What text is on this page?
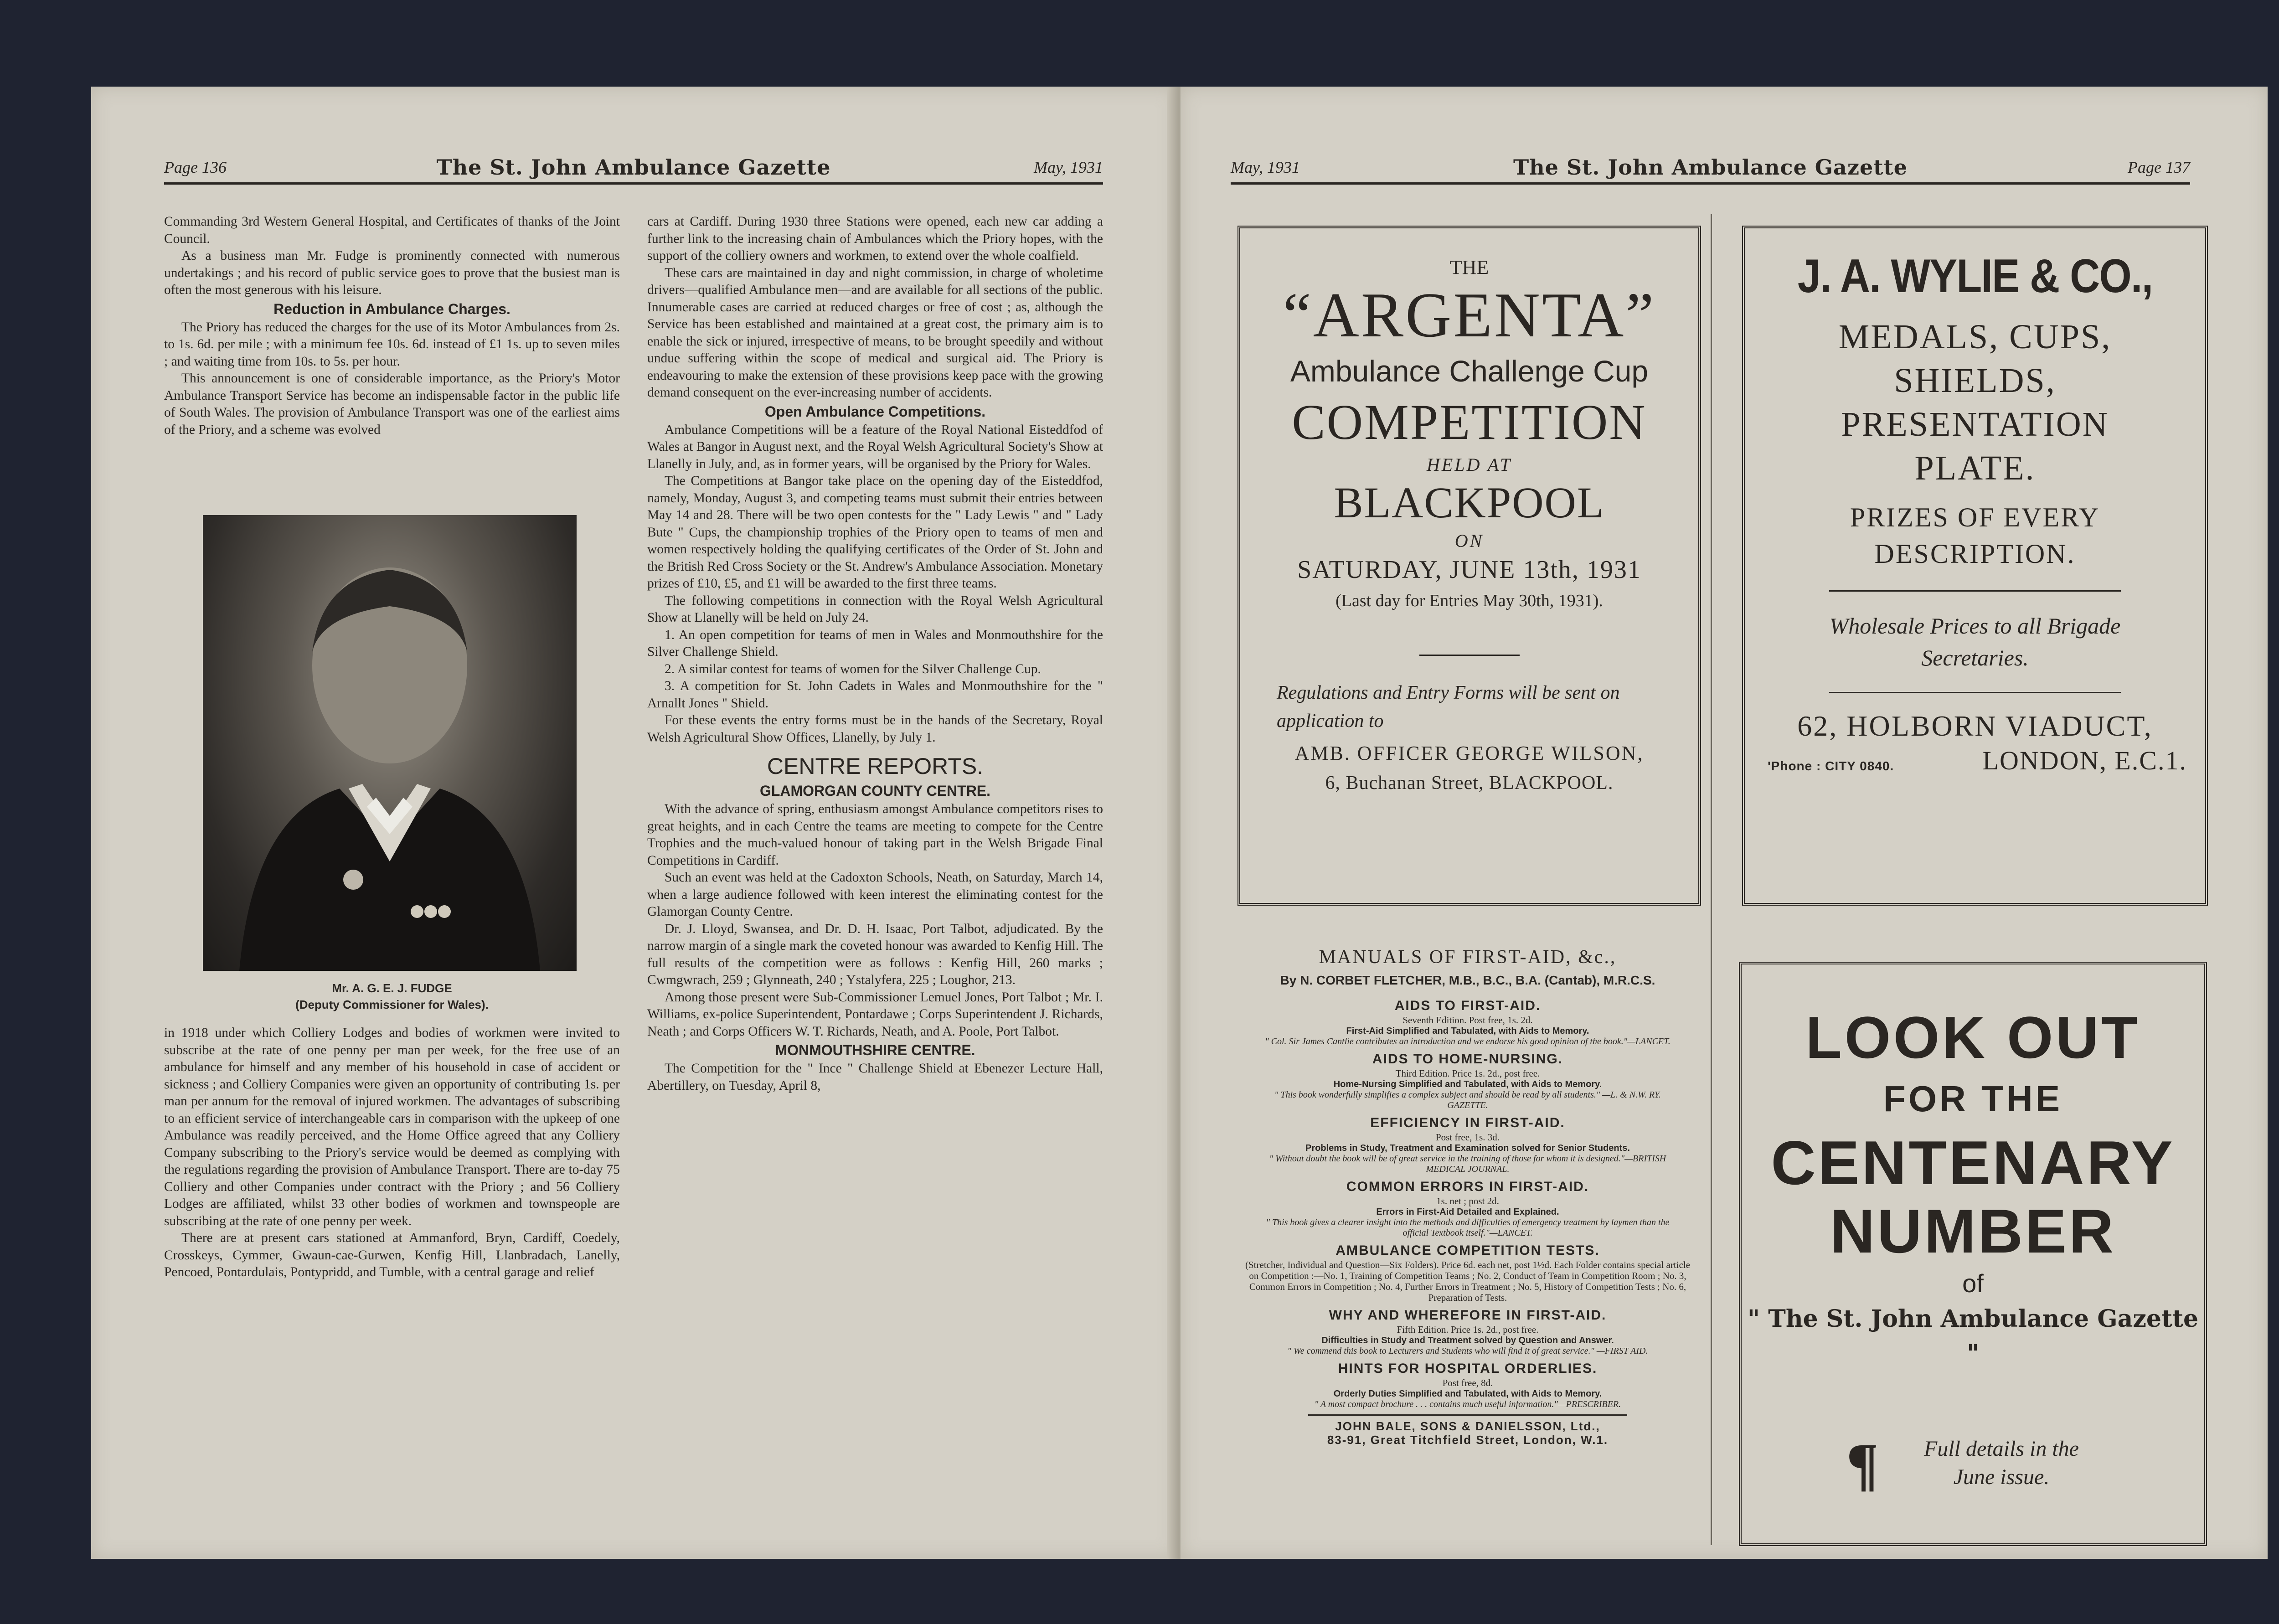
Page 136	The St. John Ambulance Gazette	May, 1931

Commanding 3rd Western General Hospital, and Certificates of thanks of the Joint Council.

As a business man Mr. Fudge is prominently connected with numerous undertakings ; and his record of public service goes to prove that the busiest man is often the most generous with his leisure.

Reduction in Ambulance Charges.

The Priory has reduced the charges for the use of its Motor Ambulances from 2s. to 1s. 6d. per mile ; with a minimum fee 10s. 6d. instead of £1 1s. up to seven miles ; and waiting time from 10s. to 5s. per hour.

This announcement is one of considerable importance, as the Priory's Motor Ambulance Transport Service has become an indispensable factor in the public life of South Wales. The provision of Ambulance Transport was one of the earliest aims of the Priory, and a scheme was evolved

Mr. A. G. E. J. FUDGE
(Deputy Commissioner for Wales).

in 1918 under which Colliery Lodges and bodies of workmen were invited to subscribe at the rate of one penny per man per week, for the free use of an ambulance for himself and any member of his household in case of accident or sickness ; and Colliery Companies were given an opportunity of contributing 1s. per man per annum for the removal of injured workmen. The advantages of subscribing to an efficient service of interchangeable cars in comparison with the upkeep of one Ambulance was readily perceived, and the Home Office agreed that any Colliery Company subscribing to the Priory's service would be deemed as complying with the regulations regarding the provision of Ambulance Transport. There are to-day 75 Colliery and other Companies under contract with the Priory ; and 56 Colliery Lodges are affiliated, whilst 33 other bodies of workmen and townspeople are subscribing at the rate of one penny per week.

There are at present cars stationed at Ammanford, Bryn, Cardiff, Coedely, Crosskeys, Cymmer, Gwaun-cae-Gurwen, Kenfig Hill, Llanbradach, Lanelly, Pencoed, Pontardulais, Pontypridd, and Tumble, with a central garage and relief

cars at Cardiff. During 1930 three Stations were opened, each new car adding a further link to the increasing chain of Ambulances which the Priory hopes, with the support of the colliery owners and workmen, to extend over the whole coalfield.

These cars are maintained in day and night commission, in charge of wholetime drivers—qualified Ambulance men—and are available for all sections of the public. Innumerable cases are carried at reduced charges or free of cost ; as, although the Service has been established and maintained at a great cost, the primary aim is to enable the sick or injured, irrespective of means, to be brought speedily and without undue suffering within the scope of medical and surgical aid. The Priory is endeavouring to make the extension of these provisions keep pace with the growing demand consequent on the ever-increasing number of accidents.

Open Ambulance Competitions.

Ambulance Competitions will be a feature of the Royal National Eisteddfod of Wales at Bangor in August next, and the Royal Welsh Agricultural Society's Show at Llanelly in July, and, as in former years, will be organised by the Priory for Wales.

The Competitions at Bangor take place on the opening day of the Eisteddfod, namely, Monday, August 3, and competing teams must submit their entries between May 14 and 28. There will be two open contests for the " Lady Lewis " and " Lady Bute " Cups, the championship trophies of the Priory open to teams of men and women respectively holding the qualifying certificates of the Order of St. John and the British Red Cross Society or the St. Andrew's Ambulance Association. Monetary prizes of £10, £5, and £1 will be awarded to the first three teams.

The following competitions in connection with the Royal Welsh Agricultural Show at Llanelly will be held on July 24.

1. An open competition for teams of men in Wales and Monmouthshire for the Silver Challenge Shield.

2. A similar contest for teams of women for the Silver Challenge Cup.

3. A competition for St. John Cadets in Wales and Monmouthshire for the " Arnallt Jones " Shield.

For these events the entry forms must be in the hands of the Secretary, Royal Welsh Agricultural Show Offices, Llanelly, by July 1.

CENTRE REPORTS.
GLAMORGAN COUNTY CENTRE.

With the advance of spring, enthusiasm amongst Ambulance competitors rises to great heights, and in each Centre the teams are meeting to compete for the Centre Trophies and the much-valued honour of taking part in the Welsh Brigade Final Competitions in Cardiff.

Such an event was held at the Cadoxton Schools, Neath, on Saturday, March 14, when a large audience followed with keen interest the eliminating contest for the Glamorgan County Centre.

Dr. J. Lloyd, Swansea, and Dr. D. H. Isaac, Port Talbot, adjudicated. By the narrow margin of a single mark the coveted honour was awarded to Kenfig Hill. The full results of the competition were as follows : Kenfig Hill, 260 marks ; Cwmgwrach, 259 ; Glynneath, 240 ; Ystalyfera, 225 ; Loughor, 213.

Among those present were Sub-Commissioner Lemuel Jones, Port Talbot ; Mr. I. Williams, ex-police Superintendent, Pontardawe ; Corps Superintendent J. Richards, Neath ; and Corps Officers W. T. Richards, Neath, and A. Poole, Port Talbot.

MONMOUTHSHIRE CENTRE.

The Competition for the " Ince " Challenge Shield at Ebenezer Lecture Hall, Abertillery, on Tuesday, April 8,

May, 1931	The St. John Ambulance Gazette	Page 137
THE
“ARGENTA”
Ambulance Challenge Cup
COMPETITION
HELD AT
BLACKPOOL
ON
SATURDAY, JUNE 13th, 1931
(Last day for Entries May 30th, 1931).
Regulations and Entry Forms will be sent on application to
AMB. OFFICER GEORGE WILSON,
6, Buchanan Street, BLACKPOOL.
J. A. WYLIE & CO.,
MEDALS, CUPS,
SHIELDS,
PRESENTATION
PLATE.
PRIZES OF EVERY
DESCRIPTION.
Wholesale Prices to all Brigade Secretaries.
62, HOLBORN VIADUCT,
'Phone : CITY 0840.	LONDON, E.C.1.
MANUALS OF FIRST-AID, &c.,
By N. CORBET FLETCHER, M.B., B.C., B.A. (Cantab), M.R.C.S.
AIDS TO FIRST-AID.
Seventh Edition. Post free, 1s. 2d.
First-Aid Simplified and Tabulated, with Aids to Memory.
" Col. Sir James Cantlie contributes an introduction and we endorse his good opinion of the book."—LANCET.
AIDS TO HOME-NURSING.
Third Edition. Price 1s. 2d., post free.
Home-Nursing Simplified and Tabulated, with Aids to Memory.
" This book wonderfully simplifies a complex subject and should be read by all students." —L. & N.W. RY. GAZETTE.
EFFICIENCY IN FIRST-AID.
Post free, 1s. 3d.
Problems in Study, Treatment and Examination solved for Senior Students.
" Without doubt the book will be of great service in the training of those for whom it is designed."—BRITISH MEDICAL JOURNAL.
COMMON ERRORS IN FIRST-AID.
1s. net ; post 2d.
Errors in First-Aid Detailed and Explained.
" This book gives a clearer insight into the methods and difficulties of emergency treatment by laymen than the official Textbook itself."—LANCET.
AMBULANCE COMPETITION TESTS.
(Stretcher, Individual and Question—Six Folders). Price 6d. each net, post 1½d. Each Folder contains special article on Competition :—No. 1, Training of Competition Teams ; No. 2, Conduct of Team in Competition Room ; No. 3, Common Errors in Competition ; No. 4, Further Errors in Treatment ; No. 5, History of Competition Tests ; No. 6, Preparation of Tests.
WHY AND WHEREFORE IN FIRST-AID.
Fifth Edition. Price 1s. 2d., post free.
Difficulties in Study and Treatment solved by Question and Answer.
" We commend this book to Lecturers and Students who will find it of great service." —FIRST AID.
HINTS FOR HOSPITAL ORDERLIES.
Post free, 8d.
Orderly Duties Simplified and Tabulated, with Aids to Memory.
" A most compact brochure . . . contains much useful information."—PRESCRIBER.
JOHN BALE, SONS & DANIELSSON, Ltd.,
83-91, Great Titchfield Street, London, W.1.
LOOK OUT
FOR THE
CENTENARY
NUMBER
of
" The St. John Ambulance Gazette "
¶	Full details in the June issue.
